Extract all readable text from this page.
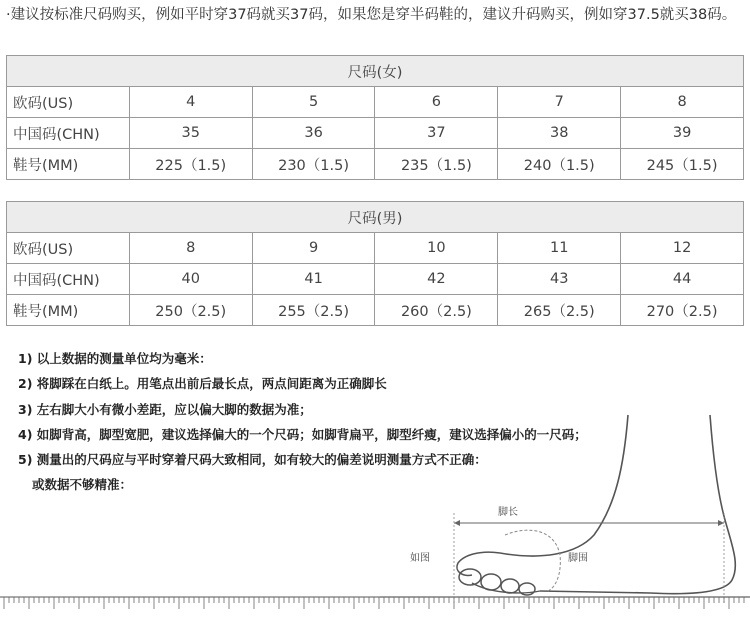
·建议按标准尺码购买，例如平时穿37码就买37码，如果您是穿半码鞋的，建议升码购买，例如穿37.5就买38码。
尺码(女)					
欧码(US)	4	5	6	7	8
中国码(CHN)	35	36	37	38	39
鞋号(MM)	225（1.5)	230（1.5)	235（1.5)	240（1.5)	245（1.5)
尺码(男)					
欧码(US)	8	9	10	11	12
中国码(CHN)	40	41	42	43	44
鞋号(MM)	250（2.5)	255（2.5)	260（2.5)	265（2.5)	270（2.5)
1) 以上数据的测量单位均为毫米：
2) 将脚踩在白纸上。用笔点出前后最长点，两点间距离为正确脚长
3) 左右脚大小有微小差距，应以偏大脚的数据为准；
4) 如脚背高，脚型宽肥，建议选择偏大的一个尺码；如脚背扁平，脚型纤瘦，建议选择偏小的一尺码；
5) 测量出的尺码应与平时穿着尺码大致相同，如有较大的偏差说明测量方式不正确：
或数据不够精准：
脚长
如图	脚围
